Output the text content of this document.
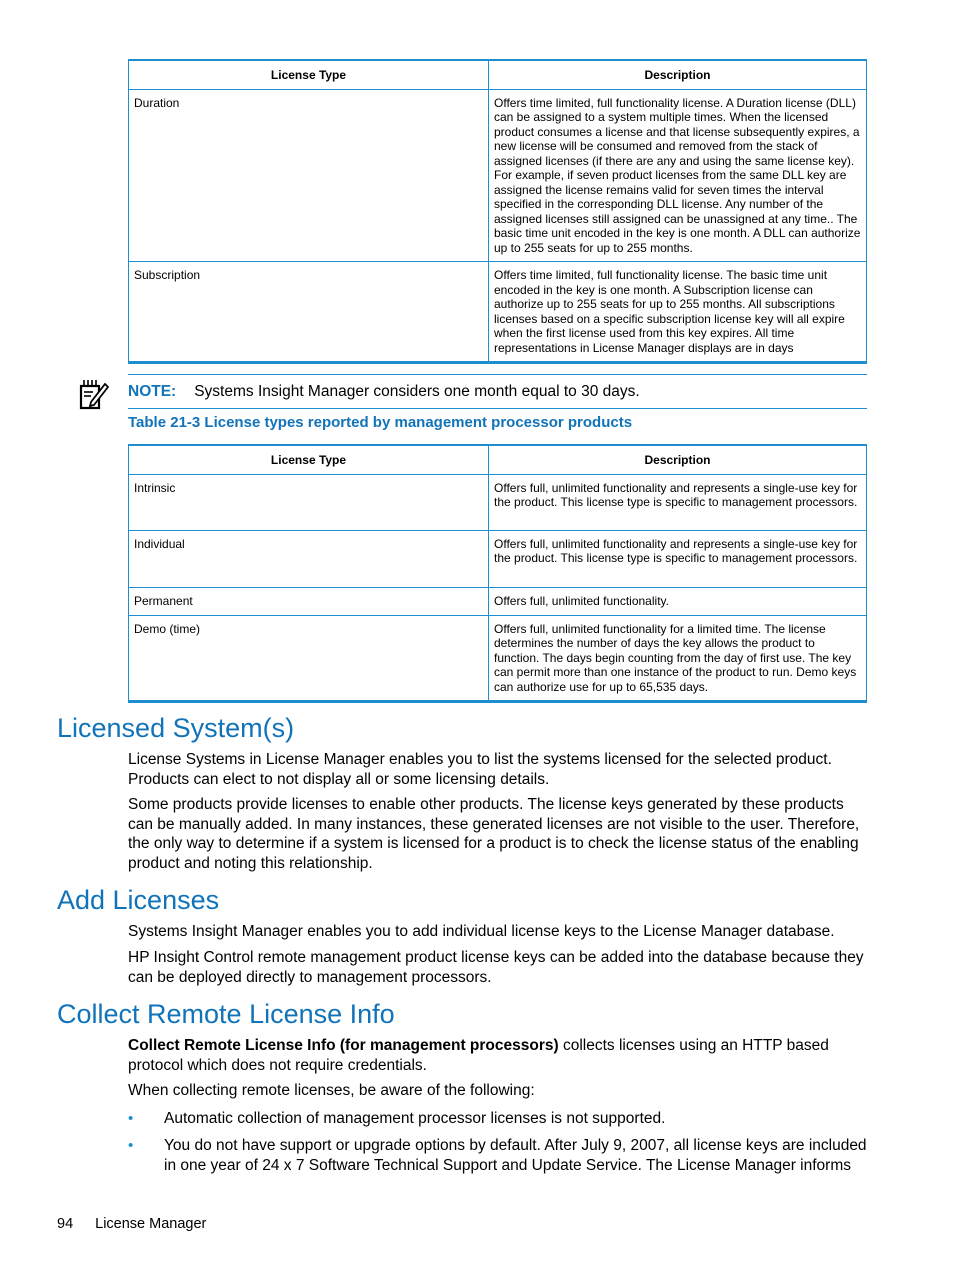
License Type	Description
Duration	Offers time limited, full functionality license. A Duration license (DLL) can be assigned to a system multiple times. When the licensed product consumes a license and that license subsequently expires, a new license will be consumed and removed from the stack of assigned licenses (if there are any and using the same license key). For example, if seven product licenses from the same DLL key are assigned the license remains valid for seven times the interval specified in the corresponding DLL license. Any number of the assigned licenses still assigned can be unassigned at any time.. The basic time unit encoded in the key is one month. A DLL can authorize up to 255 seats for up to 255 months.
Subscription	Offers time limited, full functionality license. The basic time unit encoded in the key is one month. A Subscription license can authorize up to 255 seats for up to 255 months. All subscriptions licenses based on a specific subscription license key will all expire when the first license used from this key expires. All time representations in License Manager displays are in days
NOTE: Systems Insight Manager considers one month equal to 30 days.
Table 21-3 License types reported by management processor products
License Type	Description
Intrinsic	Offers full, unlimited functionality and represents a single-use key for the product. This license type is specific to management processors.
Individual	Offers full, unlimited functionality and represents a single-use key for the product. This license type is specific to management processors.
Permanent	Offers full, unlimited functionality.
Demo (time)	Offers full, unlimited functionality for a limited time. The license determines the number of days the key allows the product to function. The days begin counting from the day of first use. The key can permit more than one instance of the product to run. Demo keys can authorize use for up to 65,535 days.
Licensed System(s)

License Systems in License Manager enables you to list the systems licensed for the selected product. Products can elect to not display all or some licensing details.

Some products provide licenses to enable other products. The license keys generated by these products can be manually added. In many instances, these generated licenses are not visible to the user. Therefore, the only way to determine if a system is licensed for a product is to check the license status of the enabling product and noting this relationship.

Add Licenses

Systems Insight Manager enables you to add individual license keys to the License Manager database.

HP Insight Control remote management product license keys can be added into the database because they can be deployed directly to management processors.

Collect Remote License Info

Collect Remote License Info (for management processors) collects licenses using an HTTP based protocol which does not require credentials.

When collecting remote licenses, be aware of the following:

• Automatic collection of management processor licenses is not supported.
• You do not have support or upgrade options by default. After July 9, 2007, all license keys are included in one year of 24 x 7 Software Technical Support and Update Service. The License Manager informs
94 License Manager
